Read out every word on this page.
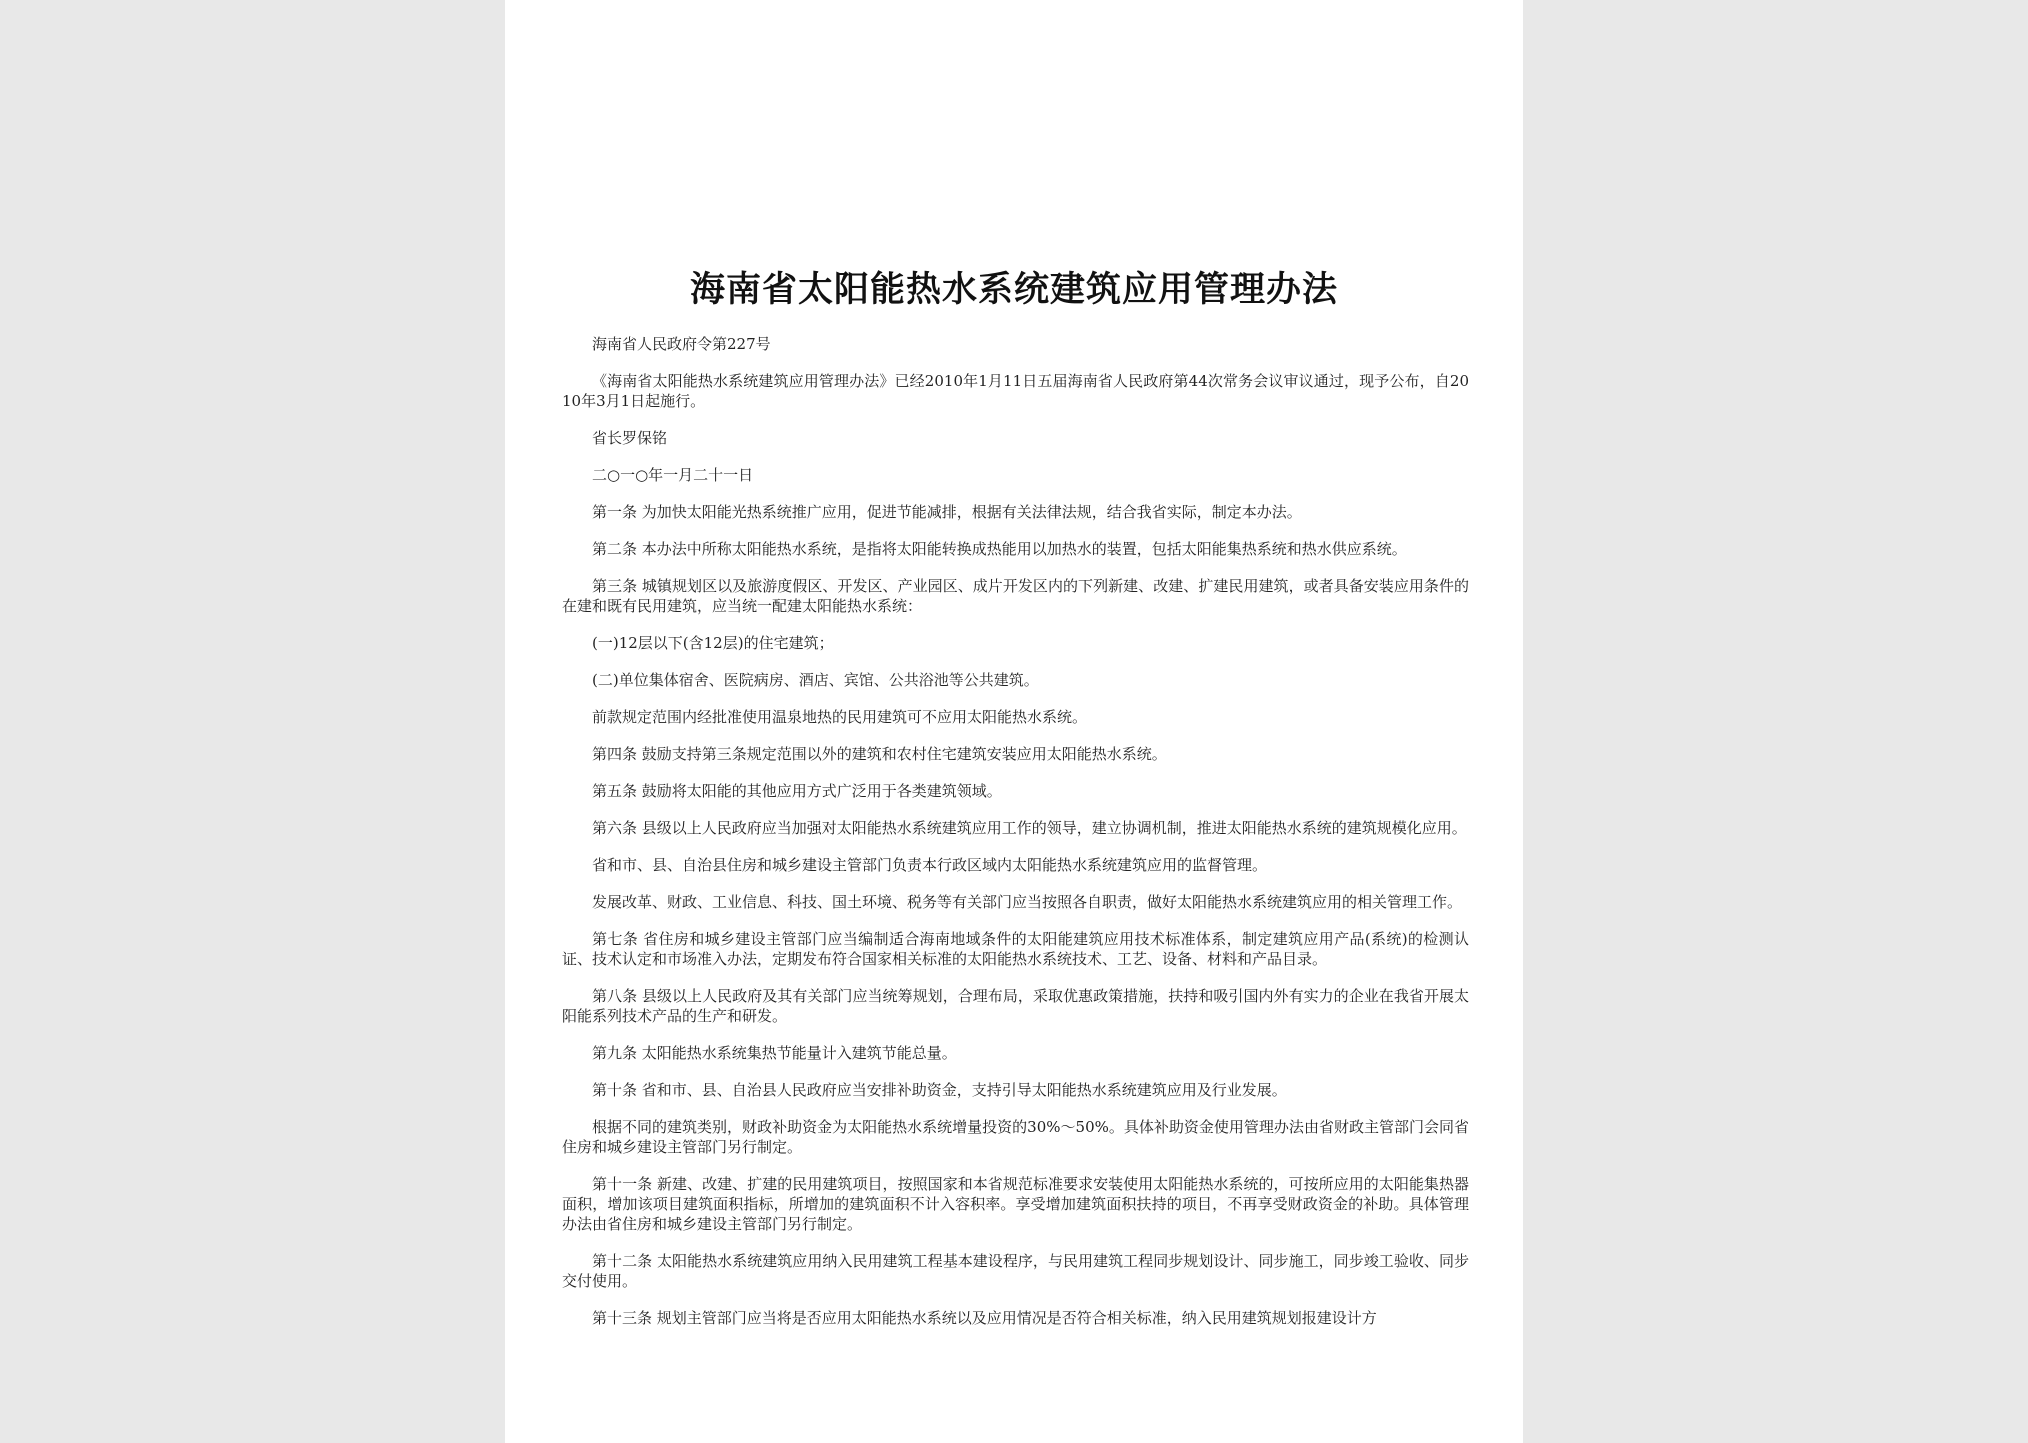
海南省太阳能热水系统建筑应用管理办法

海南省人民政府令第227号

《海南省太阳能热水系统建筑应用管理办法》已经2010年1月11日五届海南省人民政府第44次常务会议审议通过，现予公布，自2010年3月1日起施行。

省长罗保铭

二○一○年一月二十一日

第一条 为加快太阳能光热系统推广应用，促进节能减排，根据有关法律法规，结合我省实际，制定本办法。

第二条 本办法中所称太阳能热水系统，是指将太阳能转换成热能用以加热水的装置，包括太阳能集热系统和热水供应系统。

第三条 城镇规划区以及旅游度假区、开发区、产业园区、成片开发区内的下列新建、改建、扩建民用建筑，或者具备安装应用条件的在建和既有民用建筑，应当统一配建太阳能热水系统：

(一)12层以下(含12层)的住宅建筑；

(二)单位集体宿舍、医院病房、酒店、宾馆、公共浴池等公共建筑。

前款规定范围内经批准使用温泉地热的民用建筑可不应用太阳能热水系统。

第四条 鼓励支持第三条规定范围以外的建筑和农村住宅建筑安装应用太阳能热水系统。

第五条 鼓励将太阳能的其他应用方式广泛用于各类建筑领域。

第六条 县级以上人民政府应当加强对太阳能热水系统建筑应用工作的领导，建立协调机制，推进太阳能热水系统的建筑规模化应用。

省和市、县、自治县住房和城乡建设主管部门负责本行政区域内太阳能热水系统建筑应用的监督管理。

发展改革、财政、工业信息、科技、国土环境、税务等有关部门应当按照各自职责，做好太阳能热水系统建筑应用的相关管理工作。

第七条 省住房和城乡建设主管部门应当编制适合海南地域条件的太阳能建筑应用技术标准体系，制定建筑应用产品(系统)的检测认证、技术认定和市场准入办法，定期发布符合国家相关标准的太阳能热水系统技术、工艺、设备、材料和产品目录。

第八条 县级以上人民政府及其有关部门应当统筹规划，合理布局，采取优惠政策措施，扶持和吸引国内外有实力的企业在我省开展太阳能系列技术产品的生产和研发。

第九条 太阳能热水系统集热节能量计入建筑节能总量。

第十条 省和市、县、自治县人民政府应当安排补助资金，支持引导太阳能热水系统建筑应用及行业发展。

根据不同的建筑类别，财政补助资金为太阳能热水系统增量投资的30%～50%。具体补助资金使用管理办法由省财政主管部门会同省住房和城乡建设主管部门另行制定。

第十一条 新建、改建、扩建的民用建筑项目，按照国家和本省规范标准要求安装使用太阳能热水系统的，可按所应用的太阳能集热器面积，增加该项目建筑面积指标，所增加的建筑面积不计入容积率。享受增加建筑面积扶持的项目，不再享受财政资金的补助。具体管理办法由省住房和城乡建设主管部门另行制定。

第十二条 太阳能热水系统建筑应用纳入民用建筑工程基本建设程序，与民用建筑工程同步规划设计、同步施工，同步竣工验收、同步交付使用。

第十三条 规划主管部门应当将是否应用太阳能热水系统以及应用情况是否符合相关标准，纳入民用建筑规划报建设计方
